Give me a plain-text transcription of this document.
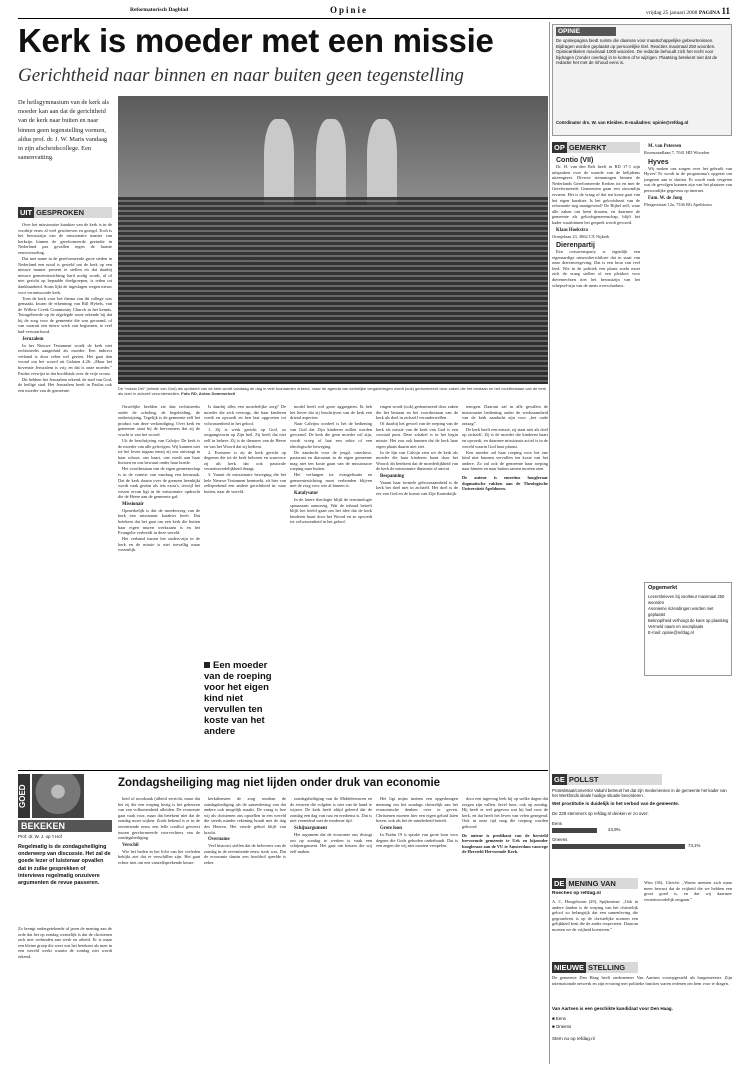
Reformatorisch Dagblad	Opinie	vrijdag 25 januari 2008 PAGINA 11
Kerk is moeder met een missie
Gerichtheid naar binnen en naar buiten geen tegenstelling
De heilsgymnasium van de kerk als moeder kan aan dat de gerichtheid van de kerk naar buiten en naar binnen geen tegenstelling vormen, aldus prof. dr. J. W. Maris vandaag in zijn afscheidscollege. Een samenvatting.
UIT GESPROKEN
De “missio Dei” (missie van God) als opdracht van de kerk wordt vandaag de dag in vele toonaarden erkend, maar de agenda van kerkelijke vergaderingen wordt (ook) gedomineerd door zaken die het bestaan en het voortbestaan van de kerk als doel in zichzelf veronderstellen. Foto RD, Anton Dommerholt

Over het missionaire karakter van de kerk is in de voorbije eeuw al veel geschreven en gezegd. Toch is het bewustzijn van de missionaire manier van kerkzijn binnen de gereformeerde gezindte in Nederland pas gevallen tegen de laatste eeuwwisseling.

Dat met name in de gereformeerde grote steden in Nederland een nood is geweld om de kerk op een nieuwe manier present te stellen en dat daarbij nieuwe gemeentestichting hard nodig wordt, al of niet gericht op bepaalde doelgroepen, is reden tot dankbaarheid. Soms lijkt de ingeslagen wegen nieuw voor verantwoorde kerk.

Toen de kerk voor het thema van dit college was gemaakt, kwam de erkenning van Rill Hybels, van de Willow Creek Community Church in het kennis. Tetragelieerde op de afgelegde route erkende hij dat hij de zorg voor de gemeente die was geroemd, of van waaruit een nieuw werk van begonnen, te veel had verwaarloosd.

Jeruzalem

In het Nieuwe Testament wordt de kerk niet rechtstreeks aangeduid als moeder. Een indirect verband is door velen wel gezien. Het gaat dan vooral om het woord uit Galaten 4:26: „Maar het bovenste Jeruzalem is vrij; en dat is onze moeder.” Paulus verwijst in dat hoofdstuk over de vrije vrouw.

Dit hebben het Jeruzalem erkend, de stad van God, de heilige stad. Het Jeruzalem heeft in Paulus ook een moeder van de gemeente.

Ouwelijke beelden zie dan rechtstreeks onder de scholing, de begeleiding, de onderwijzing. Tegelijk is de gemeente zelf het product van deze verkondiging. Over kerk en gemeente staat bij de hervormers dat zij de vrucht is van het woord.

Uit de beschrijving van Calvijn: De kerk is de moeder van alle gelovigen. Wij kunnen niet tot het leven ingaan tenzij zij ons ontvangt in haar schoot, ons baart, ons voedt aan haar borsten en ons bewaart onder haar hoede.

Het voortbestaan van de eigen gemeenschap is in de context van vandaag een kernzaak. Dat de kerk daarin over de grenzen heenkijkt wordt vaak gezien als iets extra's, terwijl het wezen ervan ligt in de missionaire opdracht die de Heere aan de gemeente gaf.

Missionair

Opmerkelijk is dat de moederzorg van de kerk een missionair karakter heeft. Dat betekent dat het gaat om een kerk die buiten haar eigen muren werkzaam is en het Evangelie verbreidt in deze wereld.

Het verband tussen het ouders-zijn in de kerk en de missie is niet toevallig maar wezenlijk.

Is daarbij alles een moederlijke zorg? De moeder die zich verzorgt, die haar kinderen voedt en opvoedt en hen laat opgroeien tot volwassenheid in het geloof.

1. Zij is werk gericht op God, zo omgangsvorm op Zijn heil. Zij heeft dat niet zelf in beheer. Zij is de dienares van de Heere en van het Woord dat zij bedient.

2. Evenzeer is zij de kerk gericht op degenen die tot de kerk behoren en waarvoor zij als kerk dat ook pastorale verantwoordelijkheid draagt.

3. Vanuit de missionaire beweging die het hele Nieuwe Testament kenmerkt, zit hier van zelfsprekend een andere gerichtheid in: naar buiten, naar de wereld.

Een moeder van de roeping voor het eigen kind niet vervullen ten koste van het andere

model heeft wel grote aggregaten. Ik heb het liever dat zij beschrijven van de kerk een drietal aspecten:

Naar Calvijns oordeel is het de bediening van God dat Zijn kinderen zullen worden gevormd. De kerk die geen moeder wil zijn, wordt vroeg of laat een sekte of een ideologische beweging.

De aandacht voor de jeugd, catechese, pastoraat en diaconaat in de eigen gemeente mag niet ten koste gaan van de missionaire roeping naar buiten.

Het verlangen tot evangelisatie en gemeentestichting moet verbonden blijven met de zorg voor wie al binnen is.

Katalysator

In de latere theologie blijft de terminologie spaarzaam aanwezig. Wat de inhoud betreft blijft het beeld gaan om het idee dat de kerk kinderen baart door het Woord en ze opvoedt tot volwassenheid in het geloof.

ringen wordt (ook) gedomineerd door zaken die het bestaan en het voortbestaan van de kerk als doel in zichzelf veronderstellen.

Of daarbij het gevoel van de roeping van de kerk als missie van de kerk van God is een cruciaal punt. Deze schakel is in het begin missie. Het zou ook kunnen dat de kerk haar eigen plaats daarin niet ziet.

In de lijn van Calvijn zien we de kerk als moeder die haar kinderen baart door het Woord; dit betekent dat de moederlijkheid van de kerk de missionaire dimensie al omvat.

Bespanning

Vanuit haar formele gehoorzaamheid is de kerk het doel niet in zichzelf. Het doel is de eer van God en de komst van Zijn Koninkrijk.

tenogen. Daarom zal in alle gevallen de missionaire bediening onder de werkzaamheid van de kerk aandacht zijn voor „het oude ontzag”.

De kerk heeft een missie, zij staat niet als doel op zichzelf. Zij is de moeder die kinderen baart en opvoedt, en daarmee missionair actief is in de wereld waarin God haar plaatst.

Ken moeder zal haar roeping voor het ene kind niet kunnen vervullen ten koste van het andere. Zo zal ook de gemeente haar roeping naar binnen en naar buiten samen moeten zien.

De auteur is emeritus hoogleraar dogmatische vakken aan de Theologische Universiteit Apeldoorn.

OPINIE
De opiniepagina biedt ruimte die daarvan voor maatschappelijke gebeurtenissen. Bijdragen worden geplaatst op persoonlijke titel. Reacties maximaal 250 woorden. Opinieartikelen maximaal 1000 woorden. De redactie behoudt zich het recht voor bijdragen (zonder overleg) in te korten of te wijzigen. Plaatsing betekent niet dat de redactie het met de inhoud eens is.
Coördinator drs. W. van Kleiden. E-mailadres: opinie@refdag.nl
OP GEMERKT

Contio (VII)

Dr. H. van den Belt heeft in RD 17-1 zijn uitspraken over de waarde van de belijdenis uiteengezet. Diverse stemmingen binnen de Nederlands Gereformeerde Kerken tot en met de Gereformeerde Gemeenten gaan een stroomlijn ervaren. Het is de vraag of dat ten koste gaat van het eigen karakter. Is het geloofsbezit van de reformatie nog maatgevend? De Bijbel zelf, waar alle zaken om heen draaien, en daarmee de gemeente als geloofsgemeenschap, blijft het kader waarbinnen het gesprek wordt gevoerd.

Klaas Hoekstra

Oranjelaan 23, 3862 CX Nijkerk

Dierenpartij

Een oorsavensparty is eigenlijk een eigenaardige nieuwsberichtloze dat in staat van onze dierenwetgeving. Dat is een bron van veel leed. Wie in de politiek een plaats zoekt moet zich de vraag stellen of een pleidooi voor dierenrechten niet het bewustzijn van het schepsel-zijn van de mens overschaduwt.

M. van Petersen

Rozenzaadlaan 7, 7041 HD Wisselen

Hyves

Wij maken ons zorgen over het gebruik van Hyves! Er wordt in de programma's opgezet om jongeren aan te sluiten. Er wordt vaak vergeten wat de gevolgen kunnen zijn van het plaatsen van persoonlijke gegevens op internet.

Fam. W. de Jong

Plesgerstraat 12a, 7336 BG Apeldoorn

Opgemerkt
Lezersbrieven bij voorkeur maximaal 250 woorden
Anonieme inzendingen worden niet geplaatst
Beknoptheid verhoogt de kans op plaatsing
Vermeld naam en woonplaats
E-mail: opinie@refdag.nl
GE POLLST
Proteststaat/convertor Vakahl betreurt het dat zijn medemensen in de gemeente het kader van het Werkfonds ideale huidige situatie bevorderen.
Wet prostitutie is duidelijk in het verbod van de gemeente.
De 228 stemmers op refdag.nl denken er zo over:
Eens
24,9%
Oneens
74,1%
DE MENING VAN
Roeches op refdag.nl
A. C. Hoogeboom (29), Spijkenisse: „Ook in andere landen is de roeping van het christelijk geloof zo belangrijk dat een samenleving die gegrondvest is op de christelijke normen een gelijkheid kent die de ander respecteert. Daarom moeten we de vrijheid koesteren.”
Wim (36), Utrecht: „Waren mensen zich maar meer bewust dat de vrijheid die we hebben een groot goed is, en dat wij daarmee verantwoordelijk omgaan.”
NIEUWE STELLING
De gemeente Den Haag heeft ondernemer Van Aartsen vooropgesteld als burgemeester. Zijn internationale netwerk en zijn ervaring met politieke functies waren redenen om hem voor te dragen.
Van Aartsen is een geschikte kandidaat voor Den Haag.
■ Eens
■ Oneens
Stem nu op refdag.nl
GOED
BEKEKEN
Prof. dr. W. J. op 't Hof
Regelmatig is de zondagsheiliging onderwerp van discussie. Het zal de goede lezer of luisteraar opvallen dat in zulke gesprekken of interviews regelmatig onzuivere argumenten de revue passeren.
Zo brengt ondergetekende al jaren de mening aan de orde dat het op zondag wenselijk is dat de christenen zich niet verbinden aan werk en arbeid. Er is maar een kleine groep die weet wat het betekent als men in een wereld werkt waarin de zondag niet wordt erkend.
Zondagsheiliging mag niet lijden onder druk van economie

heid of noodzaak (afheid verricht, maar dat het zij die een roeping bezig is het gebeuren van een volkomenheid afleiden. De economie gaat vaak voor, maar dat betekent niet dat de zondag moet wijken. Zoals bekend is er in de zeventiende eeuw een felle conflict geweest tussen gereformeerde voorvechters van de zondagsheiliging.

Verschil

Wie het heden in het licht van het verleden bekijkt ziet dat er verschillen zijn. Het gaat echter niet om een vanzelfsprekende keuze.

kerkdiensten de zorg rondom de zondagsheiliging als de samenleving van dat andere ook mogelijk maakt. De vraag is hoe wij als christenen ons opstellen in een wereld die steeds minder rekening houdt met de dag des Heeren. Het vierde gebod blijft van kracht.

Overname

Veel historici stellen dat de belevenis van de zondag in de zeventiende eeuw sterk was. Dat de economie daarin een hoofdrol speelde is zeker.

zondagsheiliging van de Middeleeuwen en de eeuwen die volgden is niet van de hand te wijzen. De kerk heeft altijd geleerd dat de zondag een dag van rust en eredienst is. Dat is niet veranderd met de moderne tijd.

Schijnargument

Het argument dat de economie ons dwingt om op zondag te werken is vaak een schijnargument. Het gaat om keuzes die wij zelf maken.

Het ligt mijns inziens een opgedrongen meaning om het zondags christelijk aan het economische denken over te geven. Christenen moeten hier een eigen geluid laten horen, ook als het de minderheid betreft.

Grote loon

In Psalm 19 is sprake van grote loon voor degene die Gods geboden onderhoudt. Dat is een zegen die wij niet moeten verspelen.

door een ingeving leek hij op welke dagen dat zorgen zijn vallen. Javel hoor, ook op zondag. Hij heeft er wel gegeven wat hij had voor de kerk, en dat heeft het leven van velen gezegend. Ook in onze tijd mag die roeping worden gehoord.

De auteur is predikant van de hersteld hervormde gemeente te Urk en bijzonder hoogleraar aan de VU te Amsterdam vanwege de Hersteld Hervormde Kerk.
